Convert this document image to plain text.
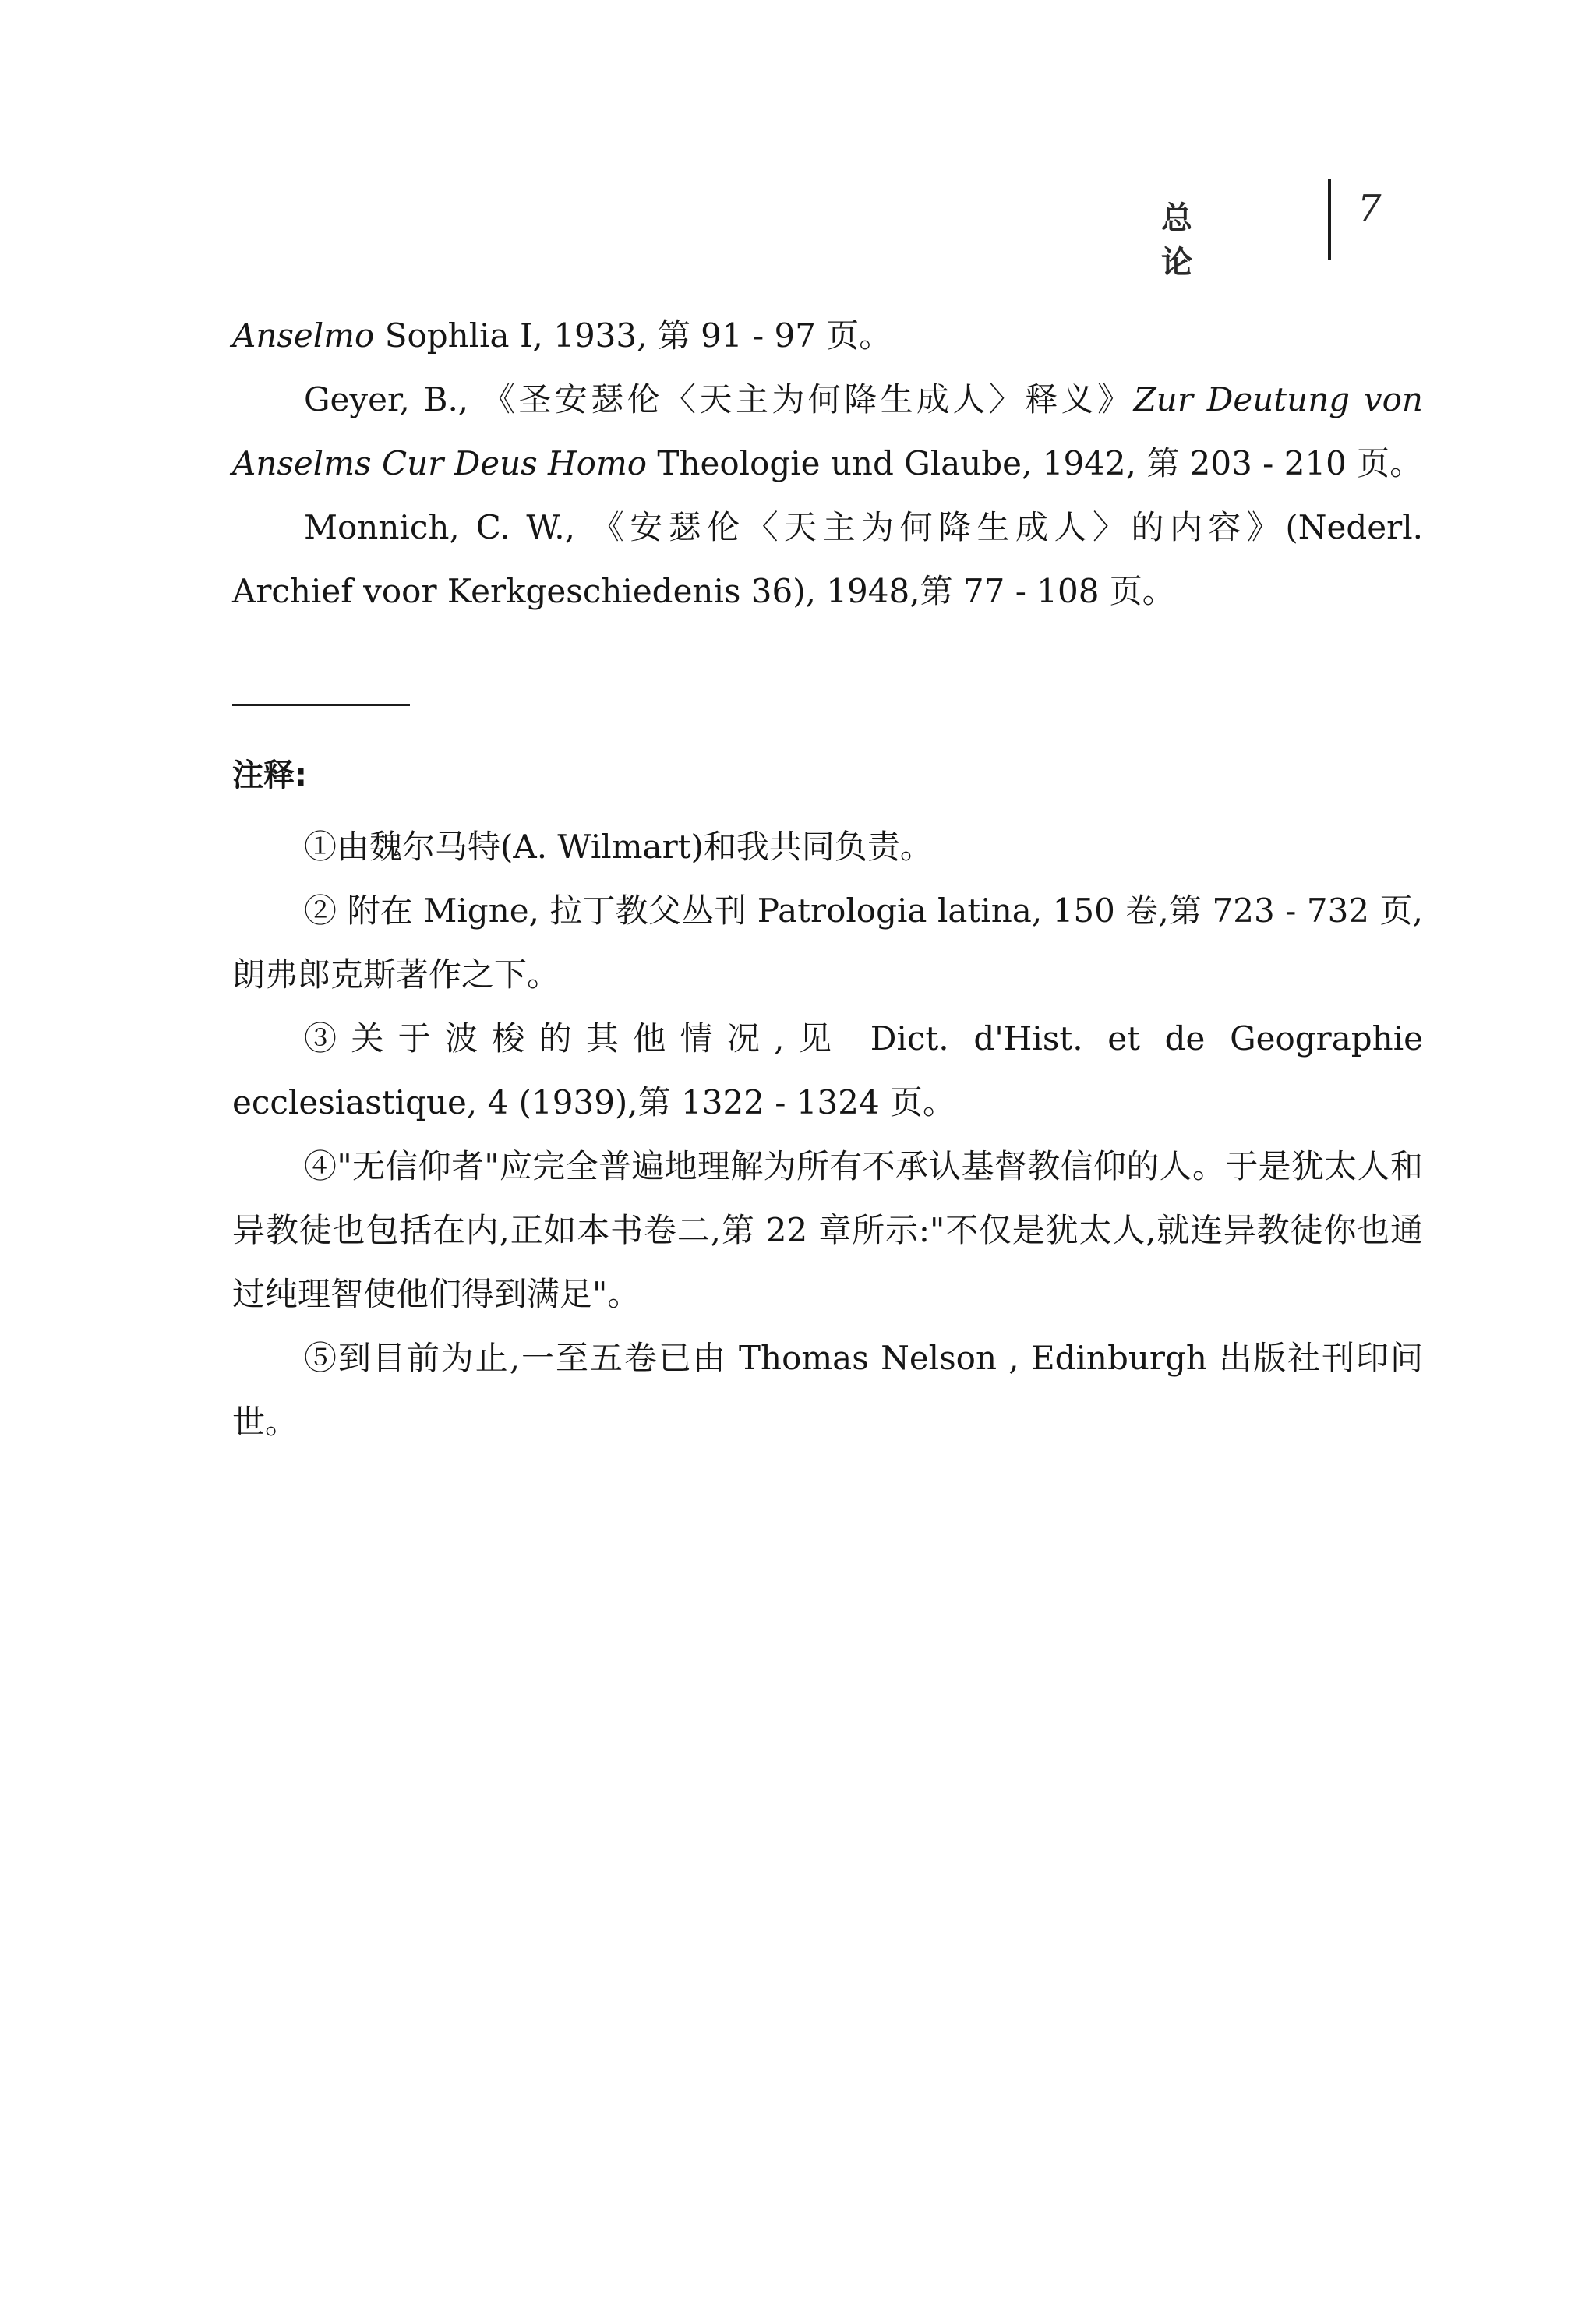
总 论
7

Anselmo Sophlia I, 1933, 第 91 - 97 页。

Geyer, B., 《圣安瑟伦〈天主为何降生成人〉释义》Zur Deutung von Anselms Cur Deus Homo Theologie und Glaube, 1942, 第 203 - 210 页。

Monnich, C. W., 《安瑟伦〈天主为何降生成人〉的内容》(Nederl. Archief voor Kerkgeschiedenis 36), 1948,第 77 - 108 页。

注释:

①由魏尔马特(A. Wilmart)和我共同负责。

② 附在 Migne, 拉丁教父丛刊 Patrologia latina, 150 卷,第 723 - 732 页,朗弗郎克斯著作之下。

③关于波梭的其他情况,见 Dict. d'Hist. et de Geographie ecclesiastique, 4 (1939),第 1322 - 1324 页。

④"无信仰者"应完全普遍地理解为所有不承认基督教信仰的人。于是犹太人和异教徒也包括在内,正如本书卷二,第 22 章所示:"不仅是犹太人,就连异教徒你也通过纯理智使他们得到满足"。

⑤到目前为止,一至五卷已由 Thomas Nelson , Edinburgh 出版社刊印问世。
